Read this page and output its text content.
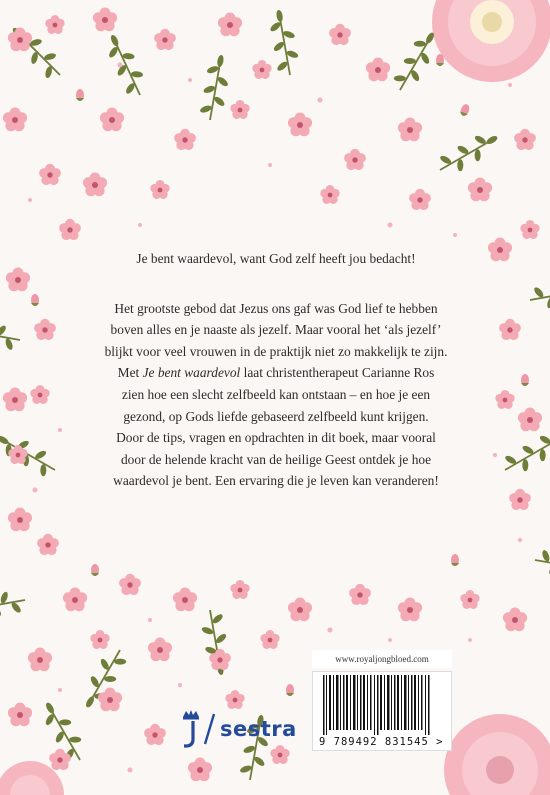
Je bent waardevol, want God zelf heeft jou bedacht!

Het grootste gebod dat Jezus ons gaf was God lief te hebben

boven alles en je naaste als jezelf. Maar vooral het ‘als jezelf’

blijkt voor veel vrouwen in de praktijk niet zo makkelijk te zijn.

Met Je bent waardevol laat christentherapeut Carianne Ros

zien hoe een slecht zelfbeeld kan ontstaan – en hoe je een

gezond, op Gods liefde gebaseerd zelfbeeld kunt krijgen.

Door de tips, vragen en opdrachten in dit boek, maar vooral

door de helende kracht van de heilige Geest ontdek je hoe

waardevol je bent. Een ervaring die je leven kan veranderen!

sestra
www.royaljongbloed.com
9 789492 831545 >
